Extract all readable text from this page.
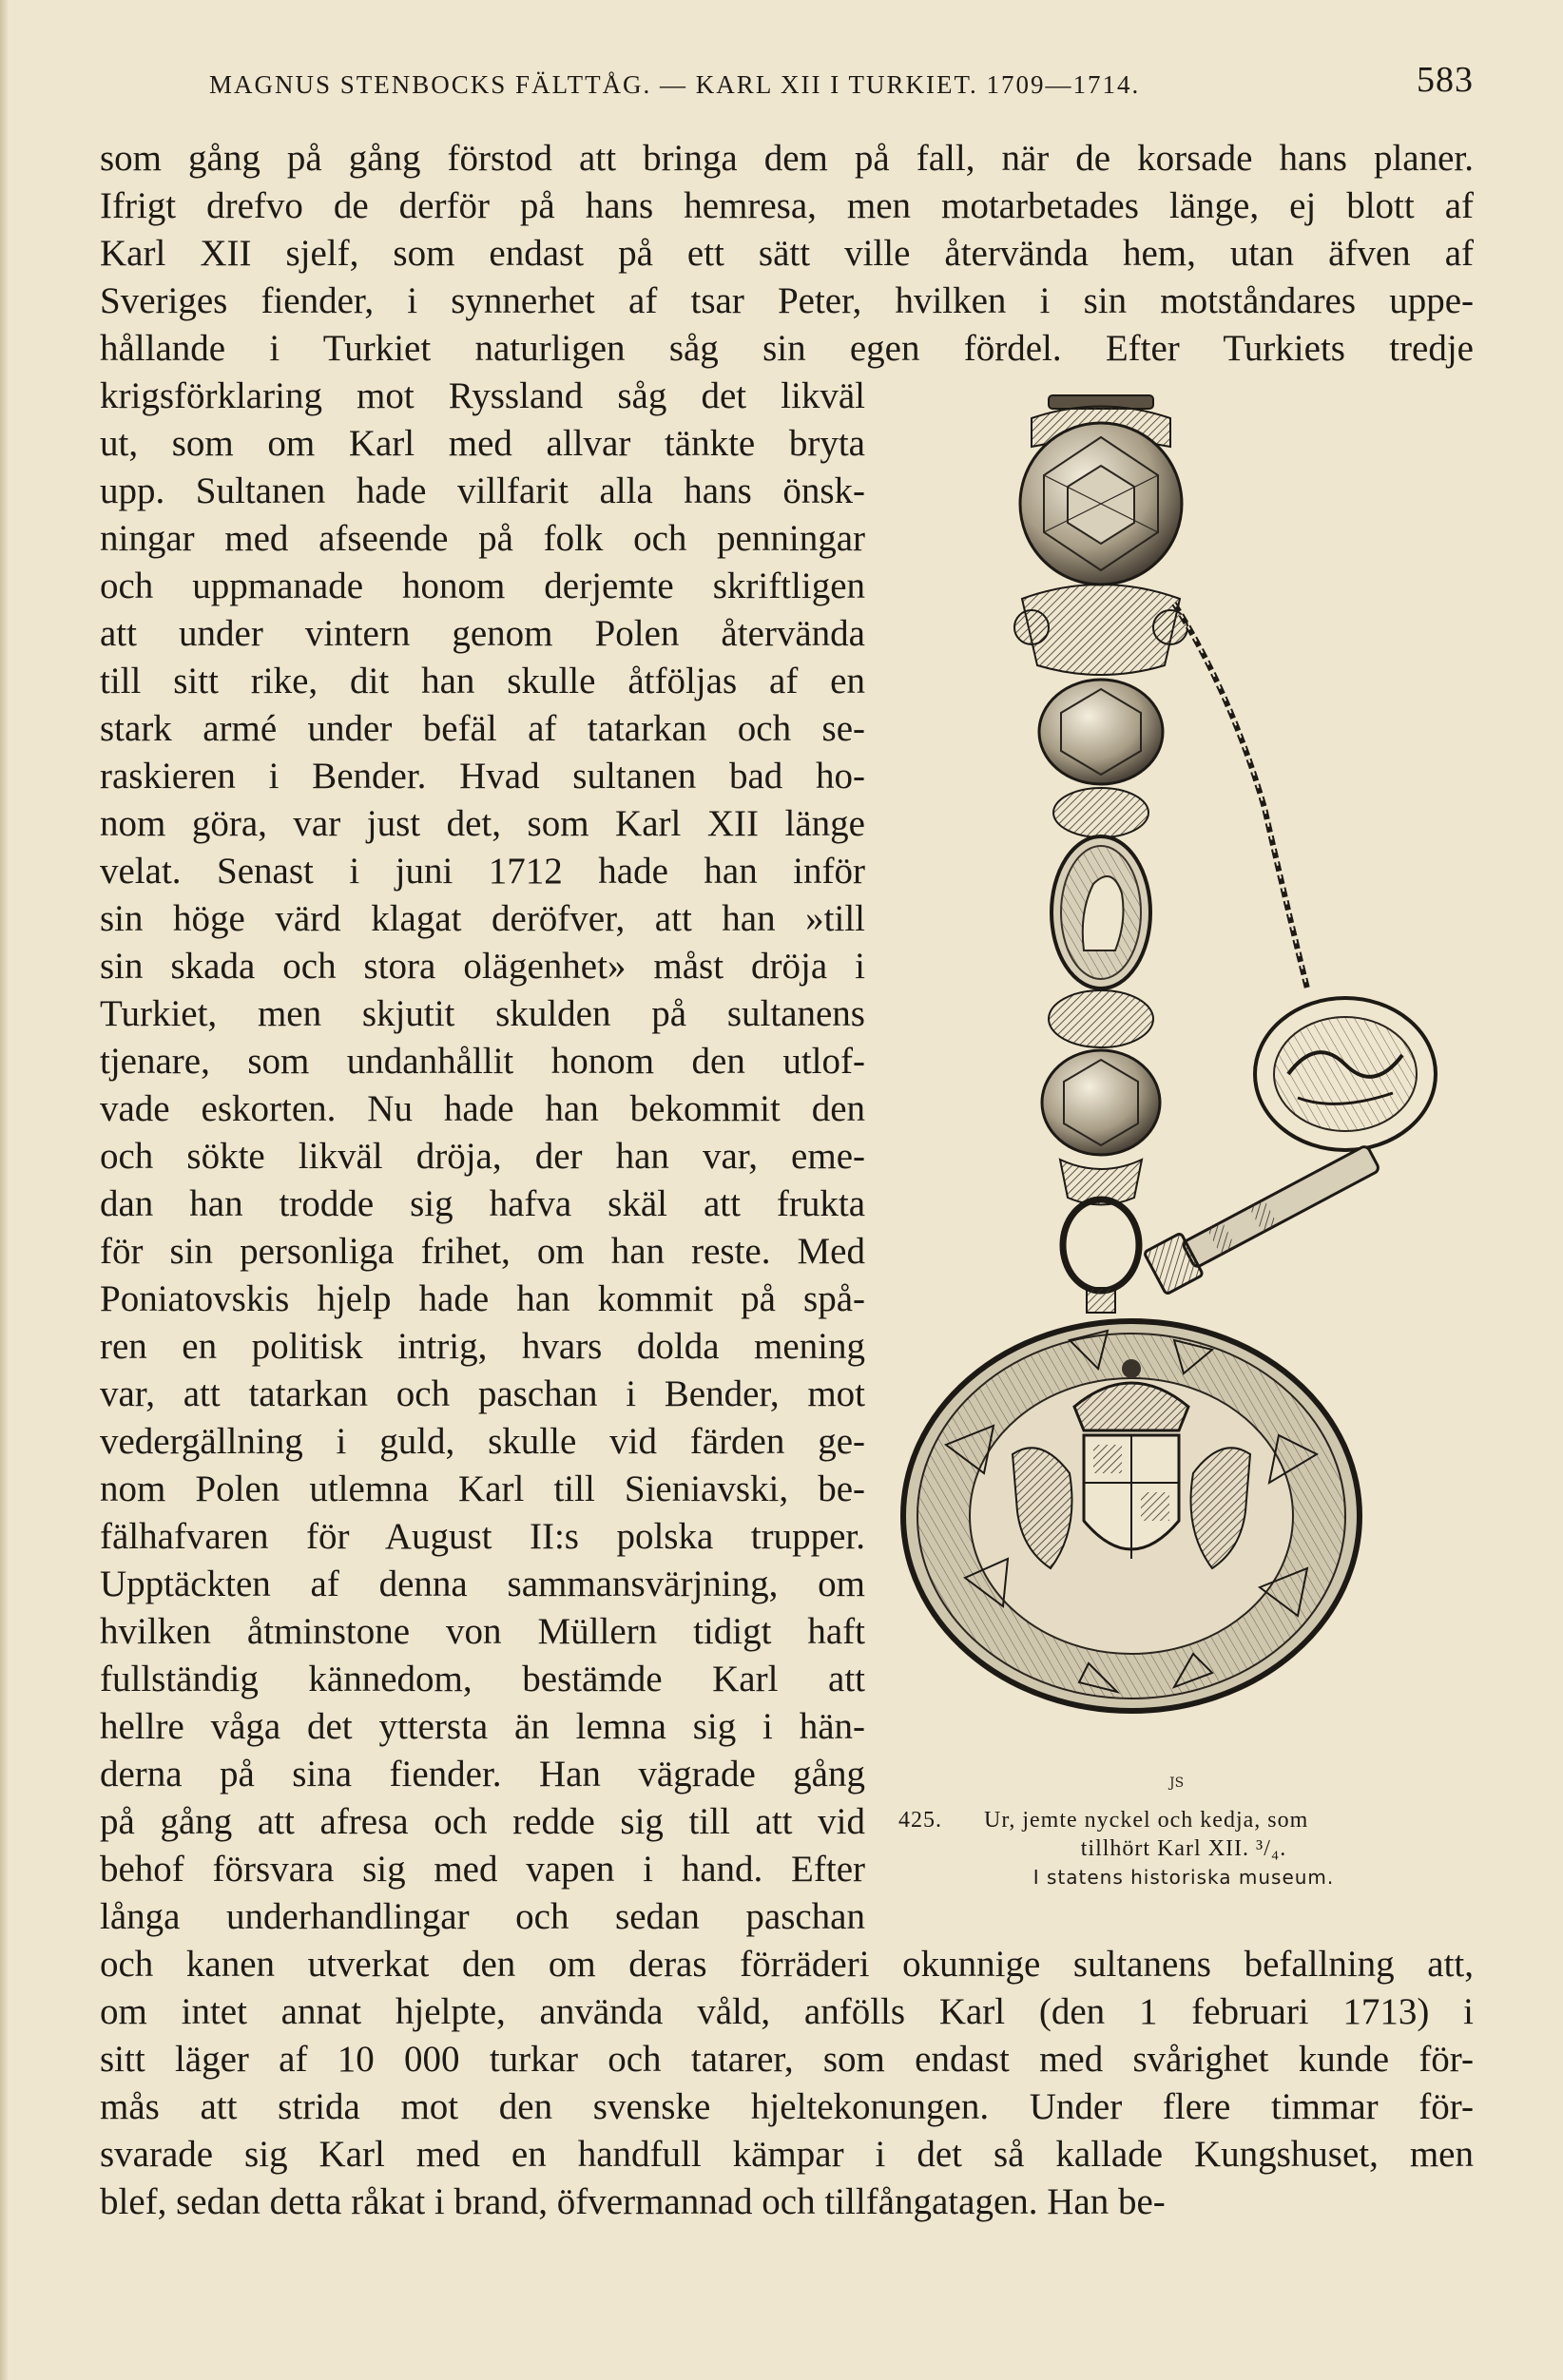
MAGNUS STENBOCKS FÄLTTÅG. — KARL XII I TURKIET. 1709—1714.	583
som gång på gång förstod att bringa dem på fall, när de korsade hans planer.
Ifrigt drefvo de derför på hans hemresa, men motarbetades länge, ej blott af
Karl XII sjelf, som endast på ett sätt ville återvända hem, utan äfven af
Sveriges fiender, i synnerhet af tsar Peter, hvilken i sin motståndares uppe-
hållande i Turkiet naturligen såg sin egen fördel. Efter Turkiets tredje
krigsförklaring mot Ryssland såg det likväl
ut, som om Karl med allvar tänkte bryta
upp. Sultanen hade villfarit alla hans önsk-
ningar med afseende på folk och penningar
och uppmanade honom derjemte skriftligen
att under vintern genom Polen återvända
till sitt rike, dit han skulle åtföljas af en
stark armé under befäl af tatarkan och se-
raskieren i Bender. Hvad sultanen bad ho-
nom göra, var just det, som Karl XII länge
velat. Senast i juni 1712 hade han inför
sin höge värd klagat deröfver, att han »till
sin skada och stora olägenhet» måst dröja i
Turkiet, men skjutit skulden på sultanens
tjenare, som undanhållit honom den utlof-
vade eskorten. Nu hade han bekommit den
och sökte likväl dröja, der han var, eme-
dan han trodde sig hafva skäl att frukta
för sin personliga frihet, om han reste. Med
Poniatovskis hjelp hade han kommit på spå-
ren en politisk intrig, hvars dolda mening
var, att tatarkan och paschan i Bender, mot
vedergällning i guld, skulle vid färden ge-
nom Polen utlemna Karl till Sieniavski, be-
fälhafvaren för August II:s polska trupper.
Upptäckten af denna sammansvärjning, om
hvilken åtminstone von Müllern tidigt haft
fullständig kännedom, bestämde Karl att
hellre våga det yttersta än lemna sig i hän-
derna på sina fiender. Han vägrade gång
på gång att afresa och redde sig till att vid
behof försvara sig med vapen i hand. Efter
långa underhandlingar och sedan paschan
och kanen utverkat den om deras förräderi okunnige sultanens befallning att,
om intet annat hjelpte, använda våld, anfölls Karl (den 1 februari 1713) i
sitt läger af 10 000 turkar och tatarer, som endast med svårighet kunde för-
mås att strida mot den svenske hjeltekonungen. Under flere timmar för-
svarade sig Karl med en handfull kämpar i det så kallade Kungshuset, men
blef, sedan detta råkat i brand, öfvermannad och tillfångatagen. Han be-
JS
425. Ur, jemte nyckel och kedja, som
tillhört Karl XII. ³/₄.
I statens historiska museum.
